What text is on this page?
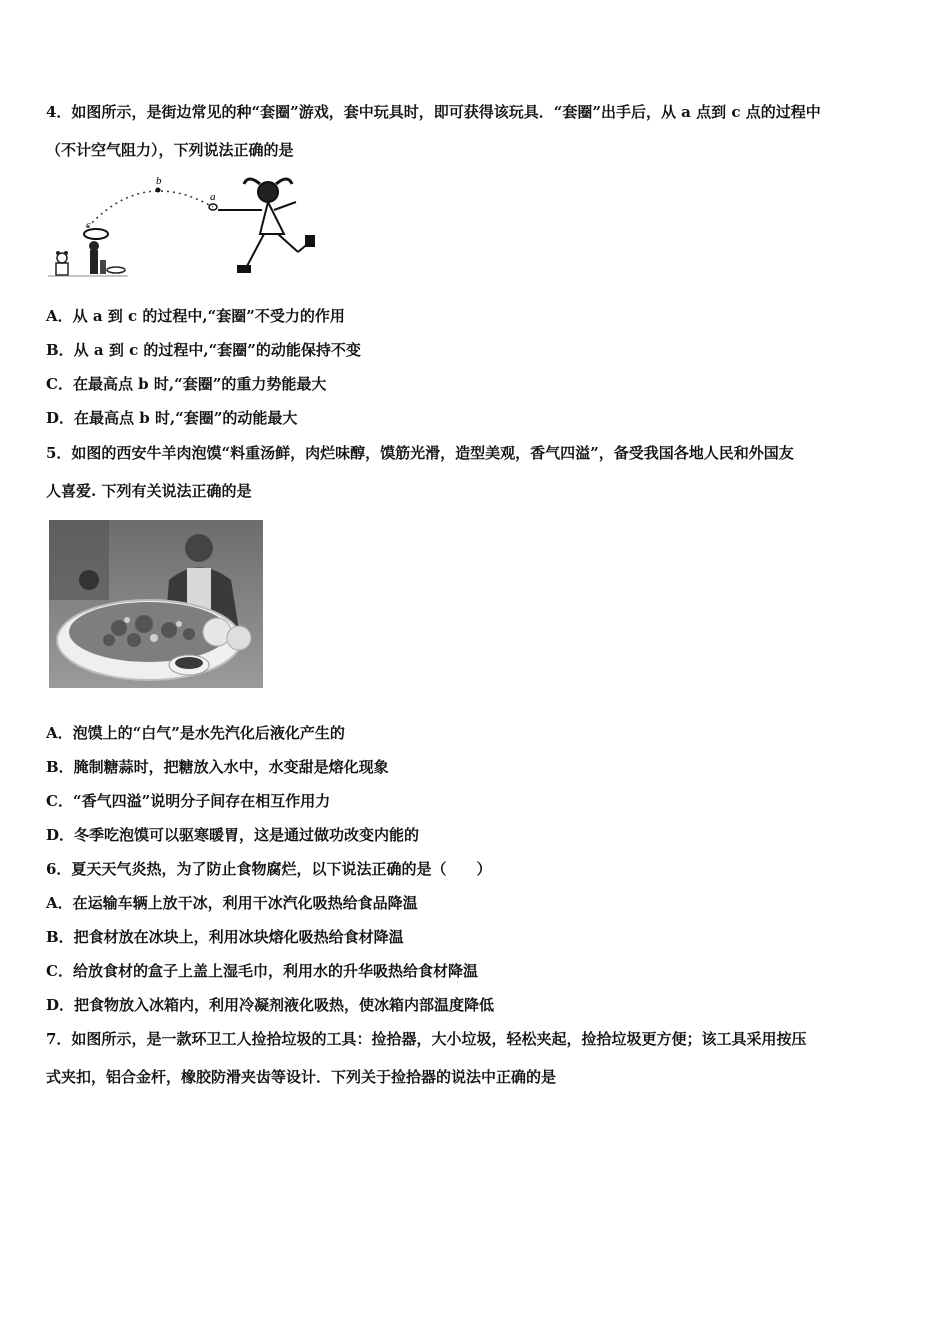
4．如图所示，是街边常见的种“套圈”游戏，套中玩具时，即可获得该玩具．“套圈”出手后，从 a 点到 c 点的过程中
（不计空气阻力），下列说法正确的是
b
a
c
A．从 a 到 c 的过程中,“套圈”不受力的作用
B．从 a 到 c 的过程中,“套圈”的动能保持不变
C．在最高点 b 时,“套圈”的重力势能最大
D．在最高点 b 时,“套圈”的动能最大
5．如图的西安牛羊肉泡馍“料重汤鲜，肉烂味醇，馍筋光滑，造型美观，香气四溢”，备受我国各地人民和外国友
人喜爱. 下列有关说法正确的是
A．泡馍上的“白气”是水先汽化后液化产生的
B．腌制糖蒜时，把糖放入水中，水变甜是熔化现象
C．“香气四溢”说明分子间存在相互作用力
D．冬季吃泡馍可以驱寒暖胃，这是通过做功改变内能的
6．夏天天气炎热，为了防止食物腐烂，以下说法正确的是（　　）
A．在运输车辆上放干冰，利用干冰汽化吸热给食品降温
B．把食材放在冰块上，利用冰块熔化吸热给食材降温
C．给放食材的盒子上盖上湿毛巾，利用水的升华吸热给食材降温
D．把食物放入冰箱内，利用冷凝剂液化吸热，使冰箱内部温度降低
7．如图所示，是一款环卫工人捡拾垃圾的工具：捡拾器，大小垃圾，轻松夹起，捡拾垃圾更方便；该工具采用按压
式夹扣，铝合金杆，橡胶防滑夹齿等设计．下列关于捡拾器的说法中正确的是
